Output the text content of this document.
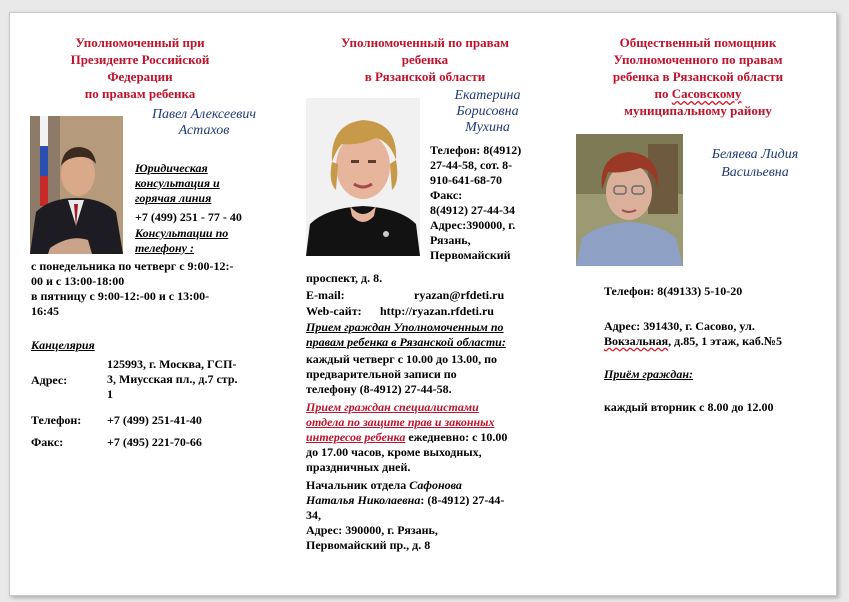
Уполномоченный при
Президенте Российской
Федерации
по правам ребенка
Павел Алексеевич
Астахов
Юридическая
консультация и
горячая линия
+7 (499) 251 - 77 - 40
Консультации по
телефону :
с понедельника по четверг с 9:00-12:-
00 и с 13:00-18:00
в пятницу с 9:00-12:-00 и с 13:00-
16:45
Канцелярия
Адрес:
125993, г. Москва, ГСП-
3, Миусская пл., д.7 стр.
1
Телефон: +7 (499) 251-41-40
Факс:	+7 (495) 221-70-66
Уполномоченный по правам
ребенка
в Рязанской области
Екатерина
Борисовна
Мухина
Телефон: 8(4912)
27-44-58, сот. 8-
910-641-68-70
Факс:
8(4912) 27-44-34
Адрес:390000, г.
Рязань,
Первомайский
проспект, д. 8.
E-mail:	ryazan@rfdeti.ru
Web-сайт: http://ryazan.rfdeti.ru
Прием граждан Уполномоченным по
правам ребенка в Рязанской области:
каждый четверг с 10.00 до 13.00, по
предварительной записи по
телефону (8-4912) 27-44-58.
Прием граждан специалистами
отдела по защите прав и законных
интересов ребенка ежедневно: с 10.00
до 17.00 часов, кроме выходных,
праздничных дней.
Начальник отдела Сафонова
Наталья Николаевна: (8-4912) 27-44-
34,
Адрес: 390000, г. Рязань,
Первомайский пр., д. 8
Общественный помощник
Уполномоченного по правам
ребенка в Рязанской области
по Сасовскому
муниципальному району
Беляева Лидия
Васильевна
Телефон: 8(49133) 5-10-20
Адрес: 391430, г. Сасово, ул.
Вокзальная, д.85, 1 этаж, каб.№5
Приём граждан:
каждый вторник с 8.00 до 12.00
